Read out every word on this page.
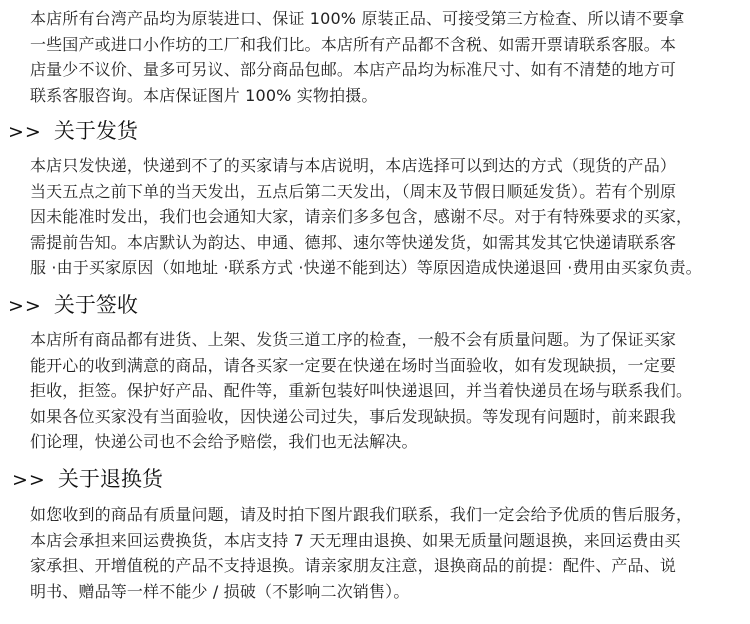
本店所有台湾产品均为原装进口、保证 100% 原装正品、可接受第三方检查、所以请不要拿
一些国产或进口小作坊的工厂和我们比。本店所有产品都不含税、如需开票请联系客服。本
店量少不议价、量多可另议、部分商品包邮。本店产品均为标准尺寸、如有不清楚的地方可
联系客服咨询。本店保证图片 100% 实物拍摄。

>> 关于发货

本店只发快递，快递到不了的买家请与本店说明，本店选择可以到达的方式（现货的产品）
当天五点之前下单的当天发出，五点后第二天发出，（周末及节假日顺延发货）。若有个别原
因未能准时发出，我们也会通知大家，请亲们多多包含，感谢不尽。对于有特殊要求的买家，
需提前告知。本店默认为韵达、申通、德邦、速尔等快递发货，如需其发其它快递请联系客
服 ·由于买家原因（如地址 ·联系方式 ·快递不能到达）等原因造成快递退回 ·费用由买家负责。

>> 关于签收

本店所有商品都有进货、上架、发货三道工序的检查，一般不会有质量问题。为了保证买家
能开心的收到满意的商品，请各买家一定要在快递在场时当面验收，如有发现缺损，一定要
拒收，拒签。保护好产品、配件等，重新包装好叫快递退回，并当着快递员在场与联系我们。
如果各位买家没有当面验收，因快递公司过失，事后发现缺损。等发现有问题时，前来跟我
们论理，快递公司也不会给予赔偿，我们也无法解决。

>> 关于退换货

如您收到的商品有质量问题，请及时拍下图片跟我们联系，我们一定会给予优质的售后服务，
本店会承担来回运费换货，本店支持 7 天无理由退换、如果无质量问题退换，来回运费由买
家承担、开增值税的产品不支持退换。请亲家朋友注意，退换商品的前提：配件、产品、说
明书、赠品等一样不能少 / 损破（不影响二次销售）。
